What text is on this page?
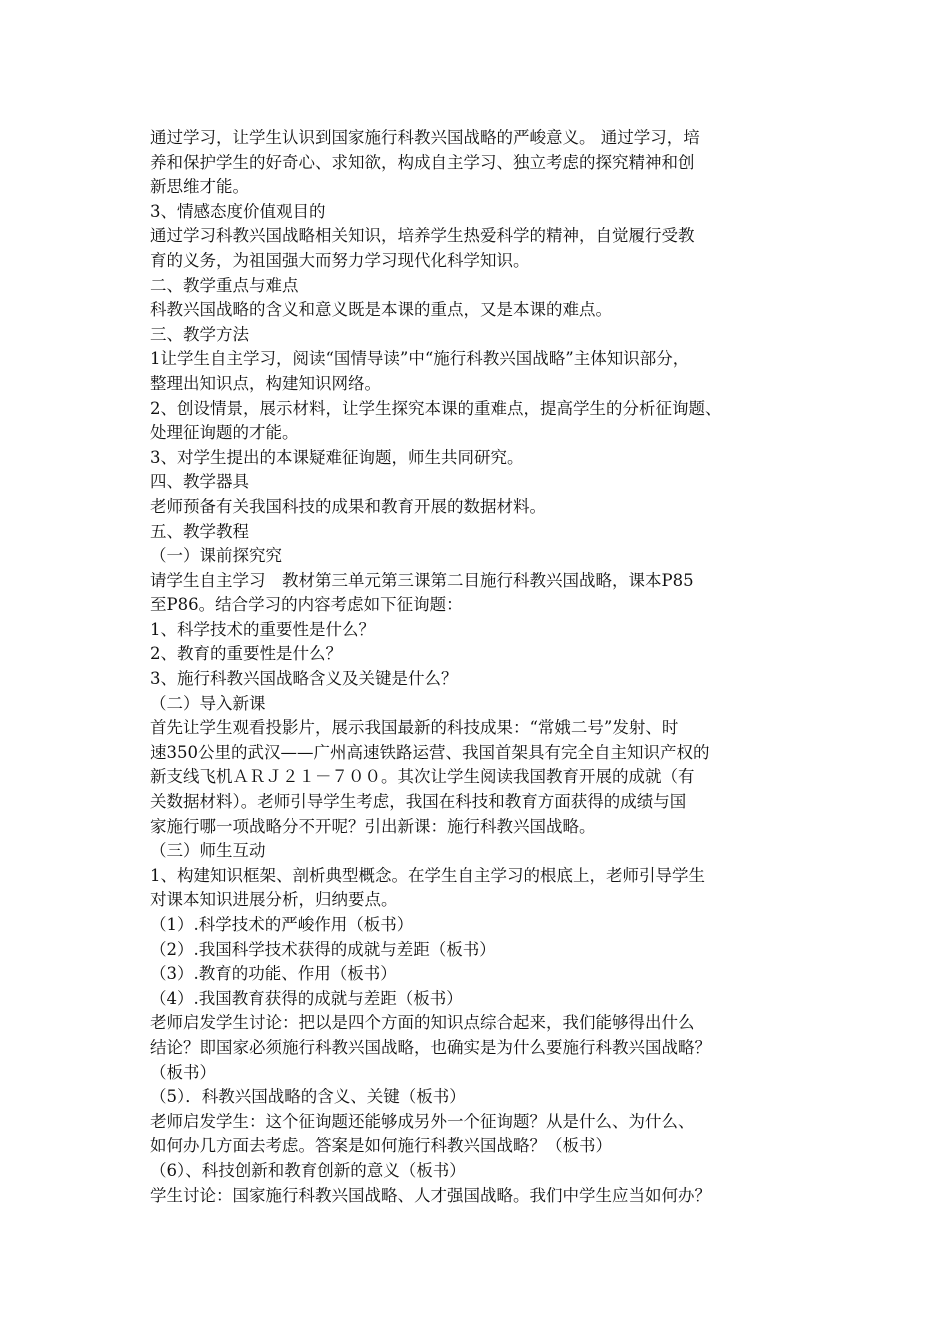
通过学习，让学生认识到国家施行科教兴国战略的严峻意义。 通过学习，培
养和保护学生的好奇心、求知欲，构成自主学习、独立考虑的探究精神和创
新思维才能。
3、情感态度价值观目的
通过学习科教兴国战略相关知识，培养学生热爱科学的精神，自觉履行受教
育的义务，为祖国强大而努力学习现代化科学知识。
二、教学重点与难点
科教兴国战略的含义和意义既是本课的重点，又是本课的难点。
三、教学方法
1让学生自主学习，阅读“国情导读”中“施行科教兴国战略”主体知识部分，
整理出知识点，构建知识网络。
2、创设情景，展示材料，让学生探究本课的重难点，提高学生的分析征询题、
处理征询题的才能。
3、对学生提出的本课疑难征询题，师生共同研究。
四、教学器具
老师预备有关我国科技的成果和教育开展的数据材料。
五、教学教程
（一）课前探究究
请学生自主学习　教材第三单元第三课第二目施行科教兴国战略，课本P85
至P86。结合学习的内容考虑如下征询题：
1、科学技术的重要性是什么？
2、教育的重要性是什么？
3、施行科教兴国战略含义及关键是什么？
（二）导入新课
首先让学生观看投影片，展示我国最新的科技成果：“常娥二号”发射、时
速350公里的武汉——广州高速铁路运营、我国首架具有完全自主知识产权的
新支线飞机ＡＲＪ２１－７００。其次让学生阅读我国教育开展的成就（有
关数据材料）。老师引导学生考虑，我国在科技和教育方面获得的成绩与国
家施行哪一项战略分不开呢？引出新课：施行科教兴国战略。
（三）师生互动
1、构建知识框架、剖析典型概念。在学生自主学习的根底上，老师引导学生
对课本知识进展分析，归纳要点。
（1）.科学技术的严峻作用（板书）
（2）.我国科学技术获得的成就与差距（板书）
（3）.教育的功能、作用（板书）
（4）.我国教育获得的成就与差距（板书）
老师启发学生讨论：把以是四个方面的知识点综合起来，我们能够得出什么
结论？即国家必须施行科教兴国战略，也确实是为什么要施行科教兴国战略？
（板书）
（5）．科教兴国战略的含义、关键（板书）
老师启发学生：这个征询题还能够成另外一个征询题？从是什么、为什么、
如何办几方面去考虑。答案是如何施行科教兴国战略？（板书）
（6）、科技创新和教育创新的意义（板书）
学生讨论：国家施行科教兴国战略、人才强国战略。我们中学生应当如何办？
